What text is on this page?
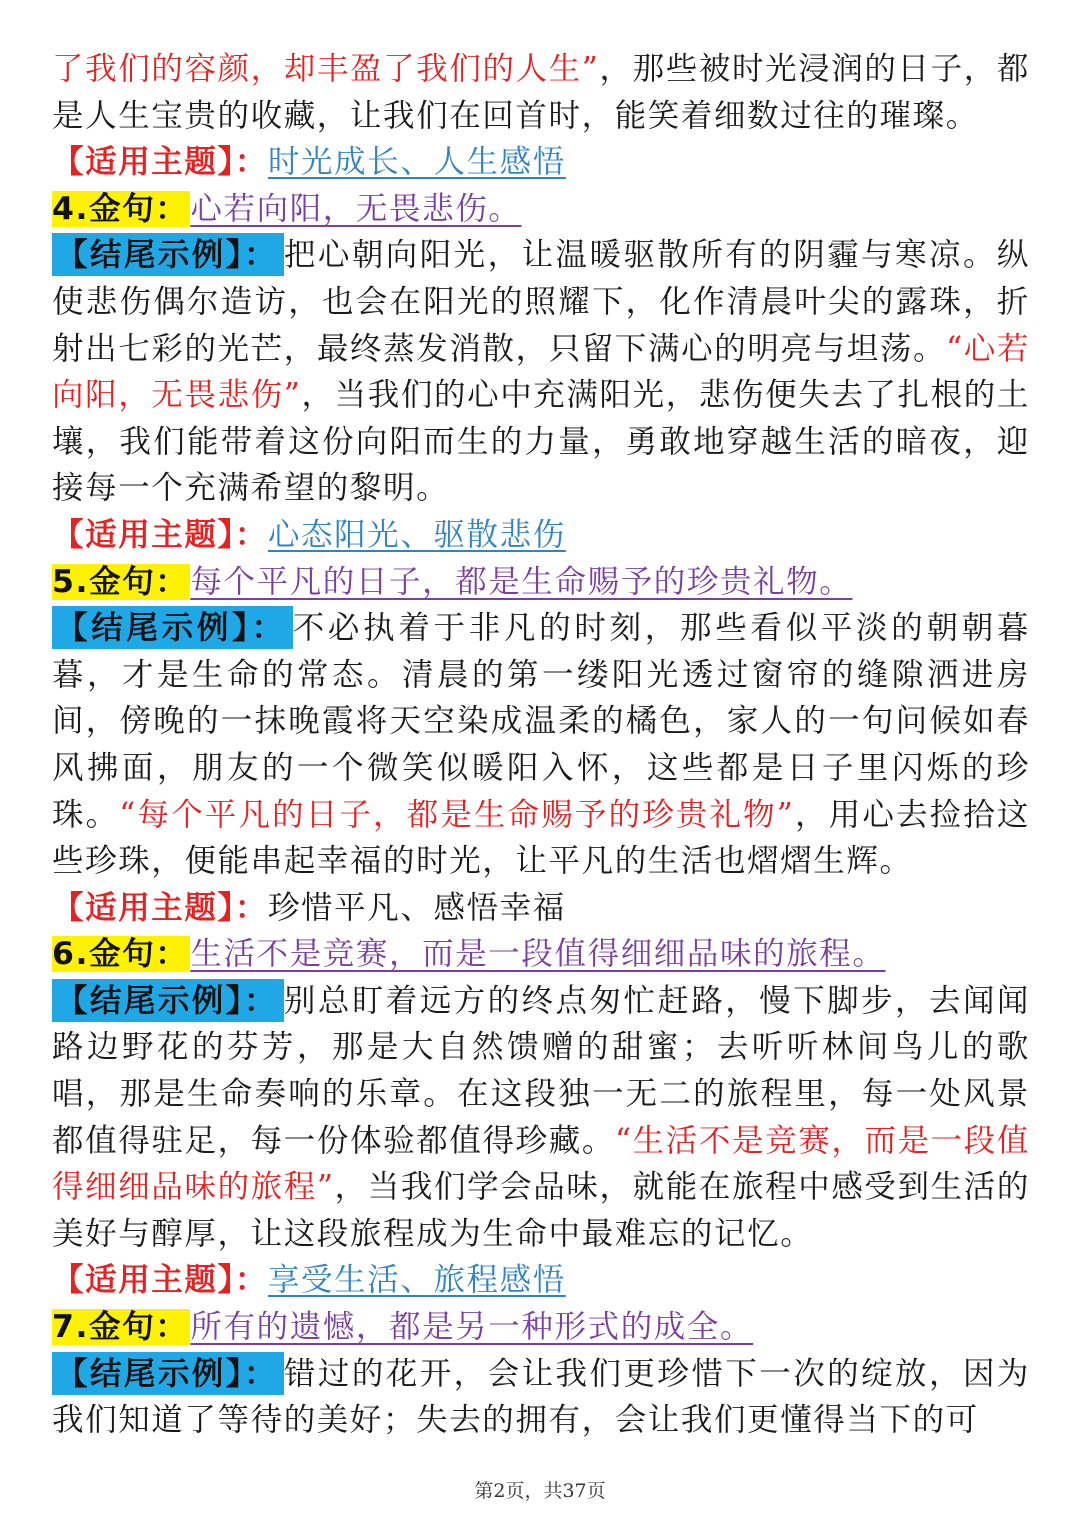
了我们的容颜，却丰盈了我们的人生”，那些被时光浸润的日子，都是人生宝贵的收藏，让我们在回首时，能笑着细数过往的璀璨。

【适用主题】：时光成长、人生感悟

4.金句：心若向阳，无畏悲伤。

【结尾示例】： 把心朝向阳光，让温暖驱散所有的阴霾与寒凉。纵使悲伤偶尔造访，也会在阳光的照耀下，化作清晨叶尖的露珠，折射出七彩的光芒，最终蒸发消散，只留下满心的明亮与坦荡。“心若向阳，无畏悲伤”，当我们的心中充满阳光，悲伤便失去了扎根的土壤，我们能带着这份向阳而生的力量，勇敢地穿越生活的暗夜，迎接每一个充满希望的黎明。

【适用主题】：心态阳光、驱散悲伤

5.金句：每个平凡的日子，都是生命赐予的珍贵礼物。

【结尾示例】： 不必执着于非凡的时刻，那些看似平淡的朝朝暮暮，才是生命的常态。清晨的第一缕阳光透过窗帘的缝隙洒进房间，傍晚的一抹晚霞将天空染成温柔的橘色，家人的一句问候如春风拂面，朋友的一个微笑似暖阳入怀，这些都是日子里闪烁的珍珠。“每个平凡的日子，都是生命赐予的珍贵礼物”，用心去捡拾这些珍珠，便能串起幸福的时光，让平凡的生活也熠熠生辉。

【适用主题】：珍惜平凡、感悟幸福

6.金句：生活不是竞赛，而是一段值得细细品味的旅程。

【结尾示例】： 别总盯着远方的终点匆忙赶路，慢下脚步，去闻闻路边野花的芬芳，那是大自然馈赠的甜蜜；去听听林间鸟儿的歌唱，那是生命奏响的乐章。在这段独一无二的旅程里，每一处风景都值得驻足，每一份体验都值得珍藏。“生活不是竞赛，而是一段值得细细品味的旅程”，当我们学会品味，就能在旅程中感受到生活的美好与醇厚，让这段旅程成为生命中最难忘的记忆。

【适用主题】：享受生活、旅程感悟

7.金句：所有的遗憾，都是另一种形式的成全。

【结尾示例】： 错过的花开，会让我们更珍惜下一次的绽放，因为我们知道了等待的美好；失去的拥有，会让我们更懂得当下的可

第2页，共37页
